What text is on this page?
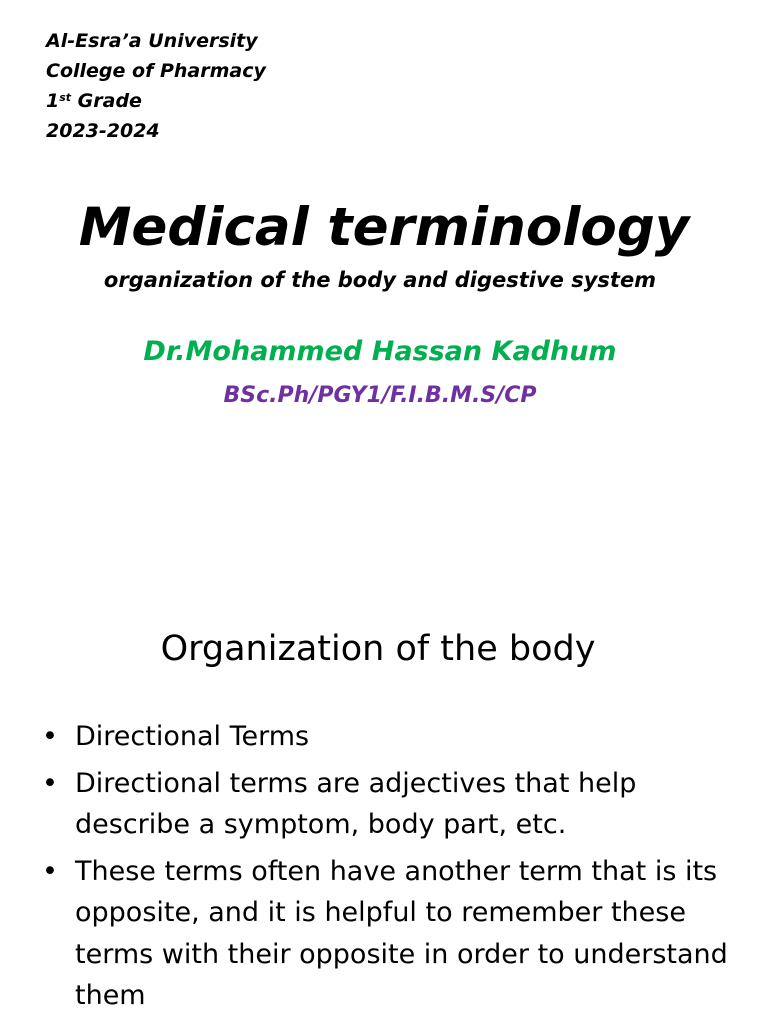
Al-Esra’a University
College of Pharmacy
1st Grade
2023-2024
Medical terminology
organization of the body and digestive system
Dr.Mohammed Hassan Kadhum
BSc.Ph/PGY1/F.I.B.M.S/CP
Organization of the body
• Directional Terms
• Directional terms are adjectives that help describe a symptom, body part, etc.
• These terms often have another term that is its opposite, and it is helpful to remember these terms with their opposite in order to understand them
